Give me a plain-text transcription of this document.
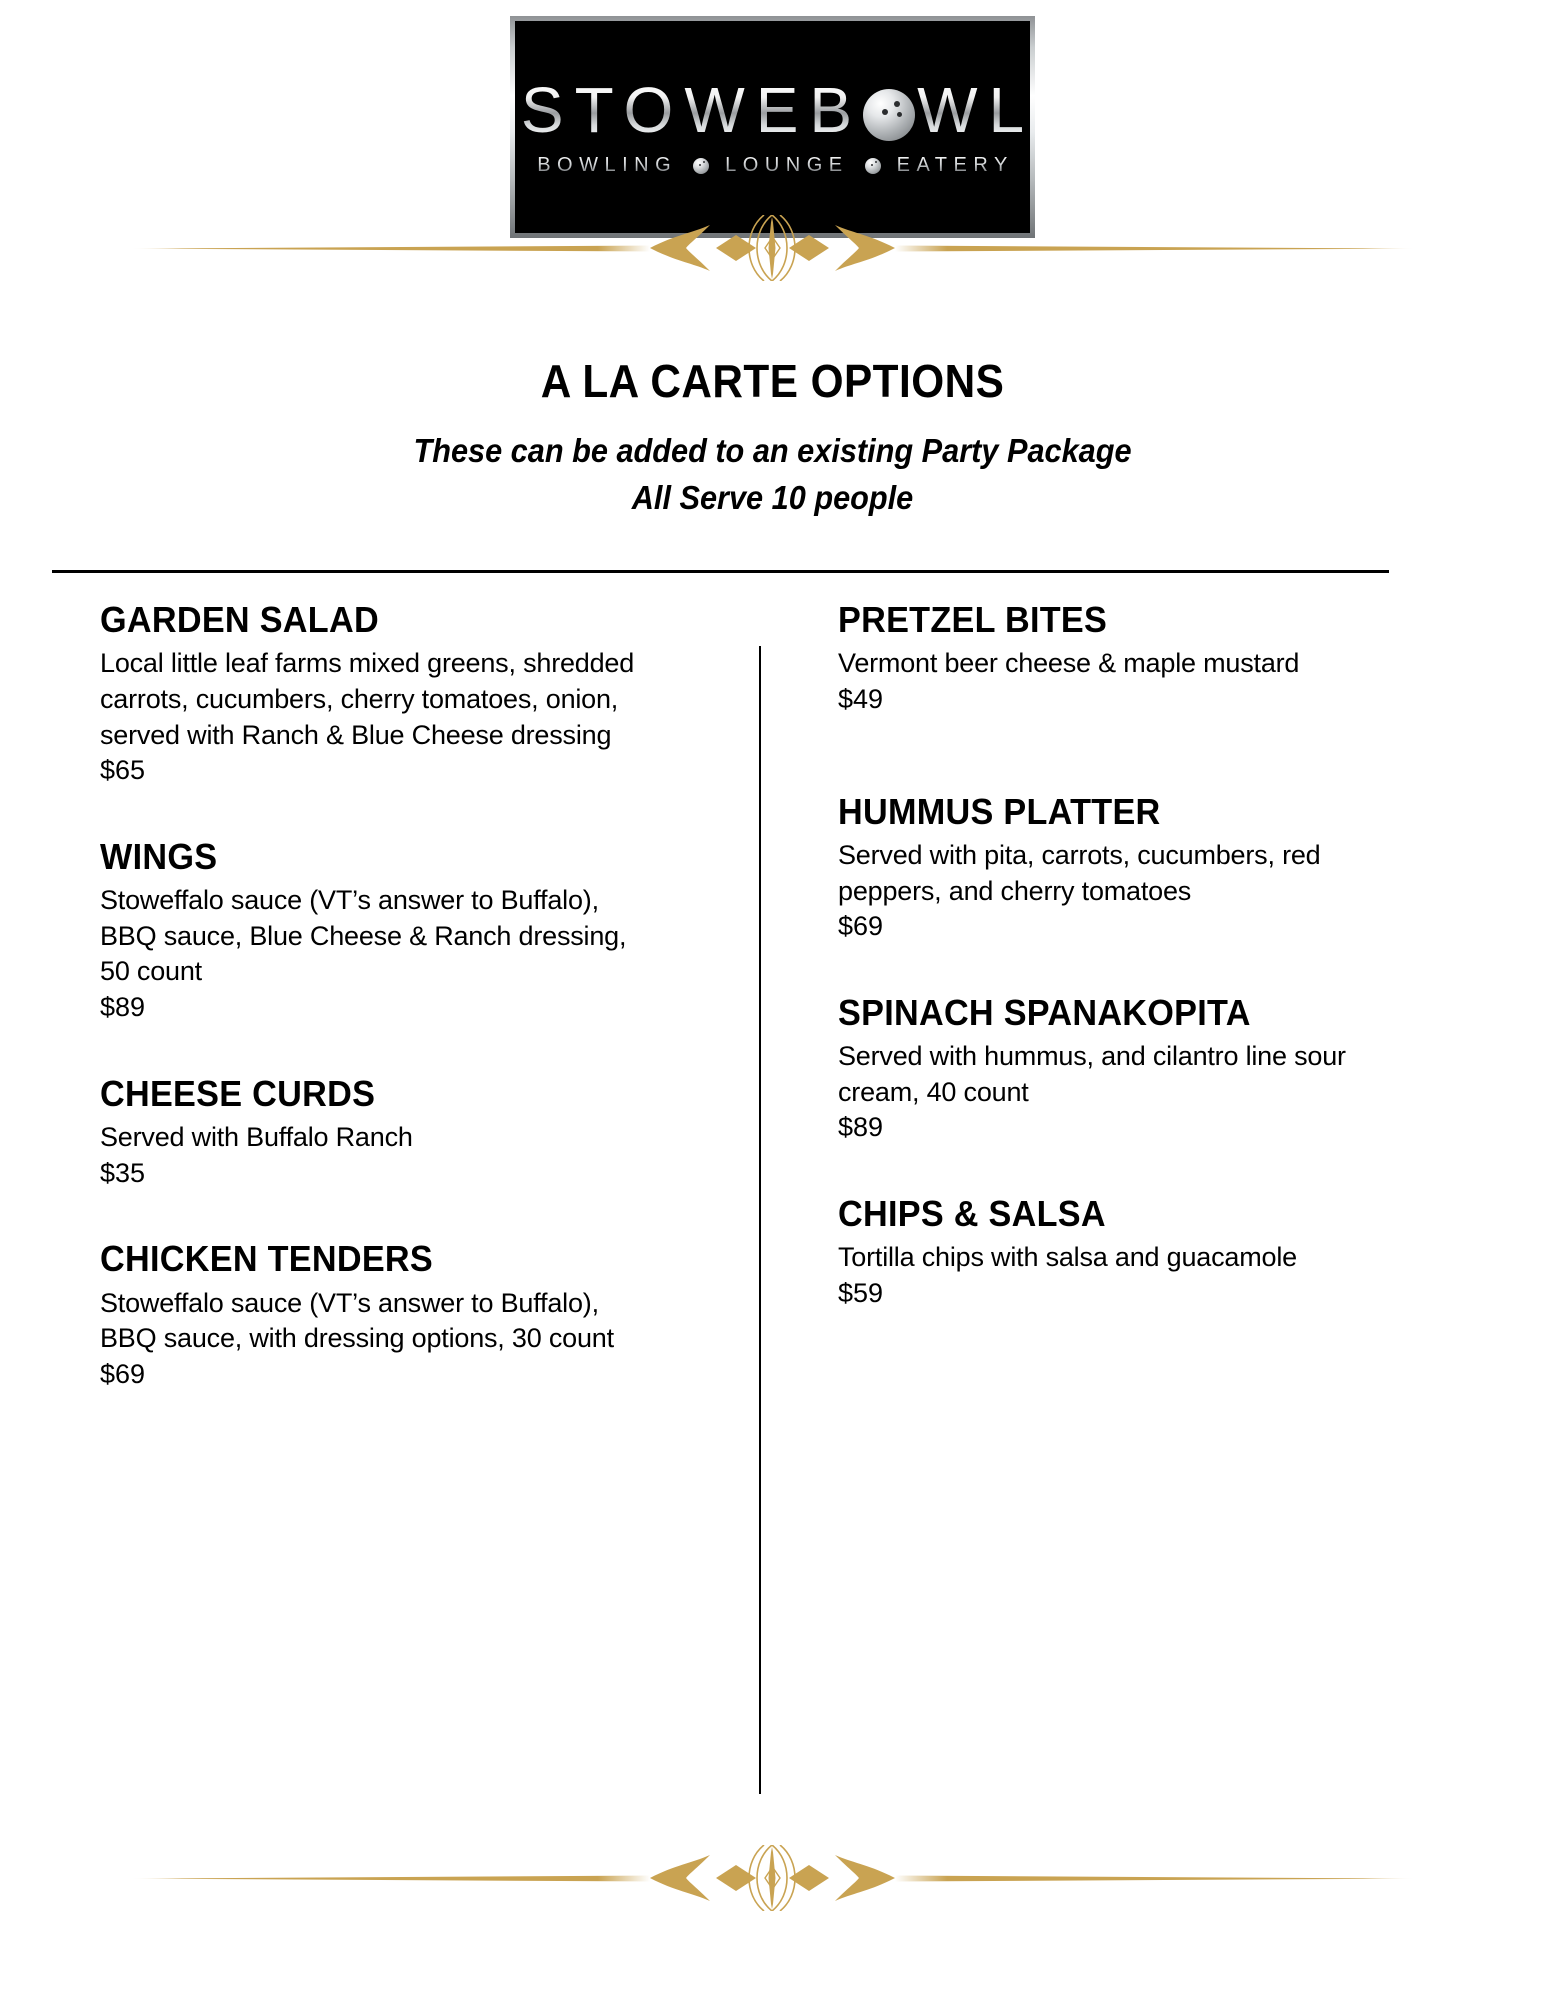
STOWEB WL
BOWLING LOUNGE EATERY
A LA CARTE OPTIONS

These can be added to an existing Party Package

All Serve 10 people

GARDEN SALAD

Local little leaf farms mixed greens, shredded carrots, cucumbers, cherry tomatoes, onion, served with Ranch & Blue Cheese dressing

$65

WINGS

Stoweffalo sauce (VT’s answer to Buffalo), BBQ sauce, Blue Cheese & Ranch dressing, 50 count

$89

CHEESE CURDS

Served with Buffalo Ranch

$35

CHICKEN TENDERS

Stoweffalo sauce (VT’s answer to Buffalo), BBQ sauce, with dressing options, 30 count

$69

PRETZEL BITES

Vermont beer cheese & maple mustard

$49

HUMMUS PLATTER

Served with pita, carrots, cucumbers, red peppers, and cherry tomatoes

$69

SPINACH SPANAKOPITA

Served with hummus, and cilantro line sour cream, 40 count

$89

CHIPS & SALSA

Tortilla chips with salsa and guacamole

$59
